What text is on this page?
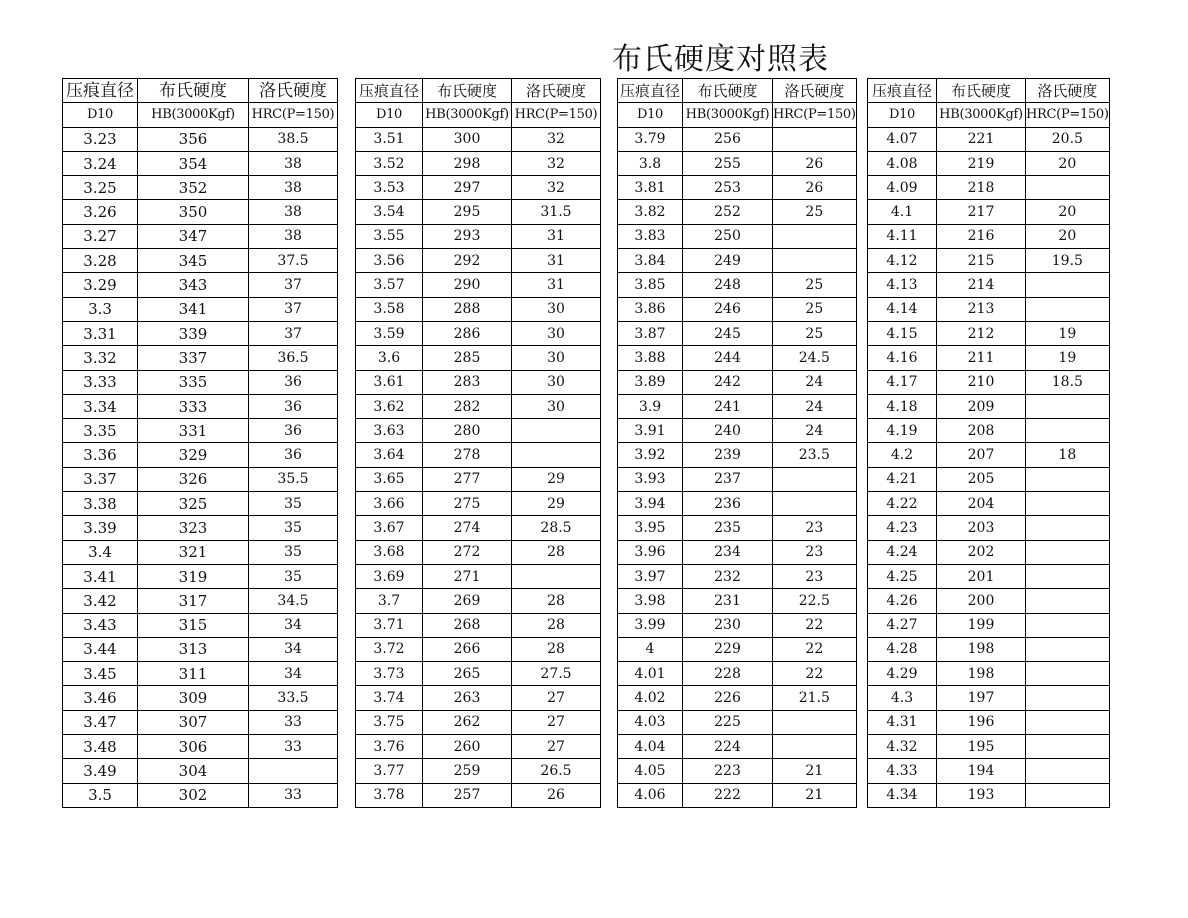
布氏硬度对照表
压痕直径	布氏硬度	洛氏硬度
D10	HB(3000Kgf)	HRC(P=150)
3.23	356	38.5
3.24	354	38
3.25	352	38
3.26	350	38
3.27	347	38
3.28	345	37.5
3.29	343	37
3.3	341	37
3.31	339	37
3.32	337	36.5
3.33	335	36
3.34	333	36
3.35	331	36
3.36	329	36
3.37	326	35.5
3.38	325	35
3.39	323	35
3.4	321	35
3.41	319	35
3.42	317	34.5
3.43	315	34
3.44	313	34
3.45	311	34
3.46	309	33.5
3.47	307	33
3.48	306	33
3.49	304	
3.5	302	33
压痕直径	布氏硬度	洛氏硬度
D10	HB(3000Kgf)	HRC(P=150)
3.51	300	32
3.52	298	32
3.53	297	32
3.54	295	31.5
3.55	293	31
3.56	292	31
3.57	290	31
3.58	288	30
3.59	286	30
3.6	285	30
3.61	283	30
3.62	282	30
3.63	280	
3.64	278	
3.65	277	29
3.66	275	29
3.67	274	28.5
3.68	272	28
3.69	271	
3.7	269	28
3.71	268	28
3.72	266	28
3.73	265	27.5
3.74	263	27
3.75	262	27
3.76	260	27
3.77	259	26.5
3.78	257	26
压痕直径	布氏硬度	洛氏硬度
D10	HB(3000Kgf)	HRC(P=150)
3.79	256	
3.8	255	26
3.81	253	26
3.82	252	25
3.83	250	
3.84	249	
3.85	248	25
3.86	246	25
3.87	245	25
3.88	244	24.5
3.89	242	24
3.9	241	24
3.91	240	24
3.92	239	23.5
3.93	237	
3.94	236	
3.95	235	23
3.96	234	23
3.97	232	23
3.98	231	22.5
3.99	230	22
4	229	22
4.01	228	22
4.02	226	21.5
4.03	225	
4.04	224	
4.05	223	21
4.06	222	21
压痕直径	布氏硬度	洛氏硬度
D10	HB(3000Kgf)	HRC(P=150)
4.07	221	20.5
4.08	219	20
4.09	218	
4.1	217	20
4.11	216	20
4.12	215	19.5
4.13	214	
4.14	213	
4.15	212	19
4.16	211	19
4.17	210	18.5
4.18	209	
4.19	208	
4.2	207	18
4.21	205	
4.22	204	
4.23	203	
4.24	202	
4.25	201	
4.26	200	
4.27	199	
4.28	198	
4.29	198	
4.3	197	
4.31	196	
4.32	195	
4.33	194	
4.34	193	
